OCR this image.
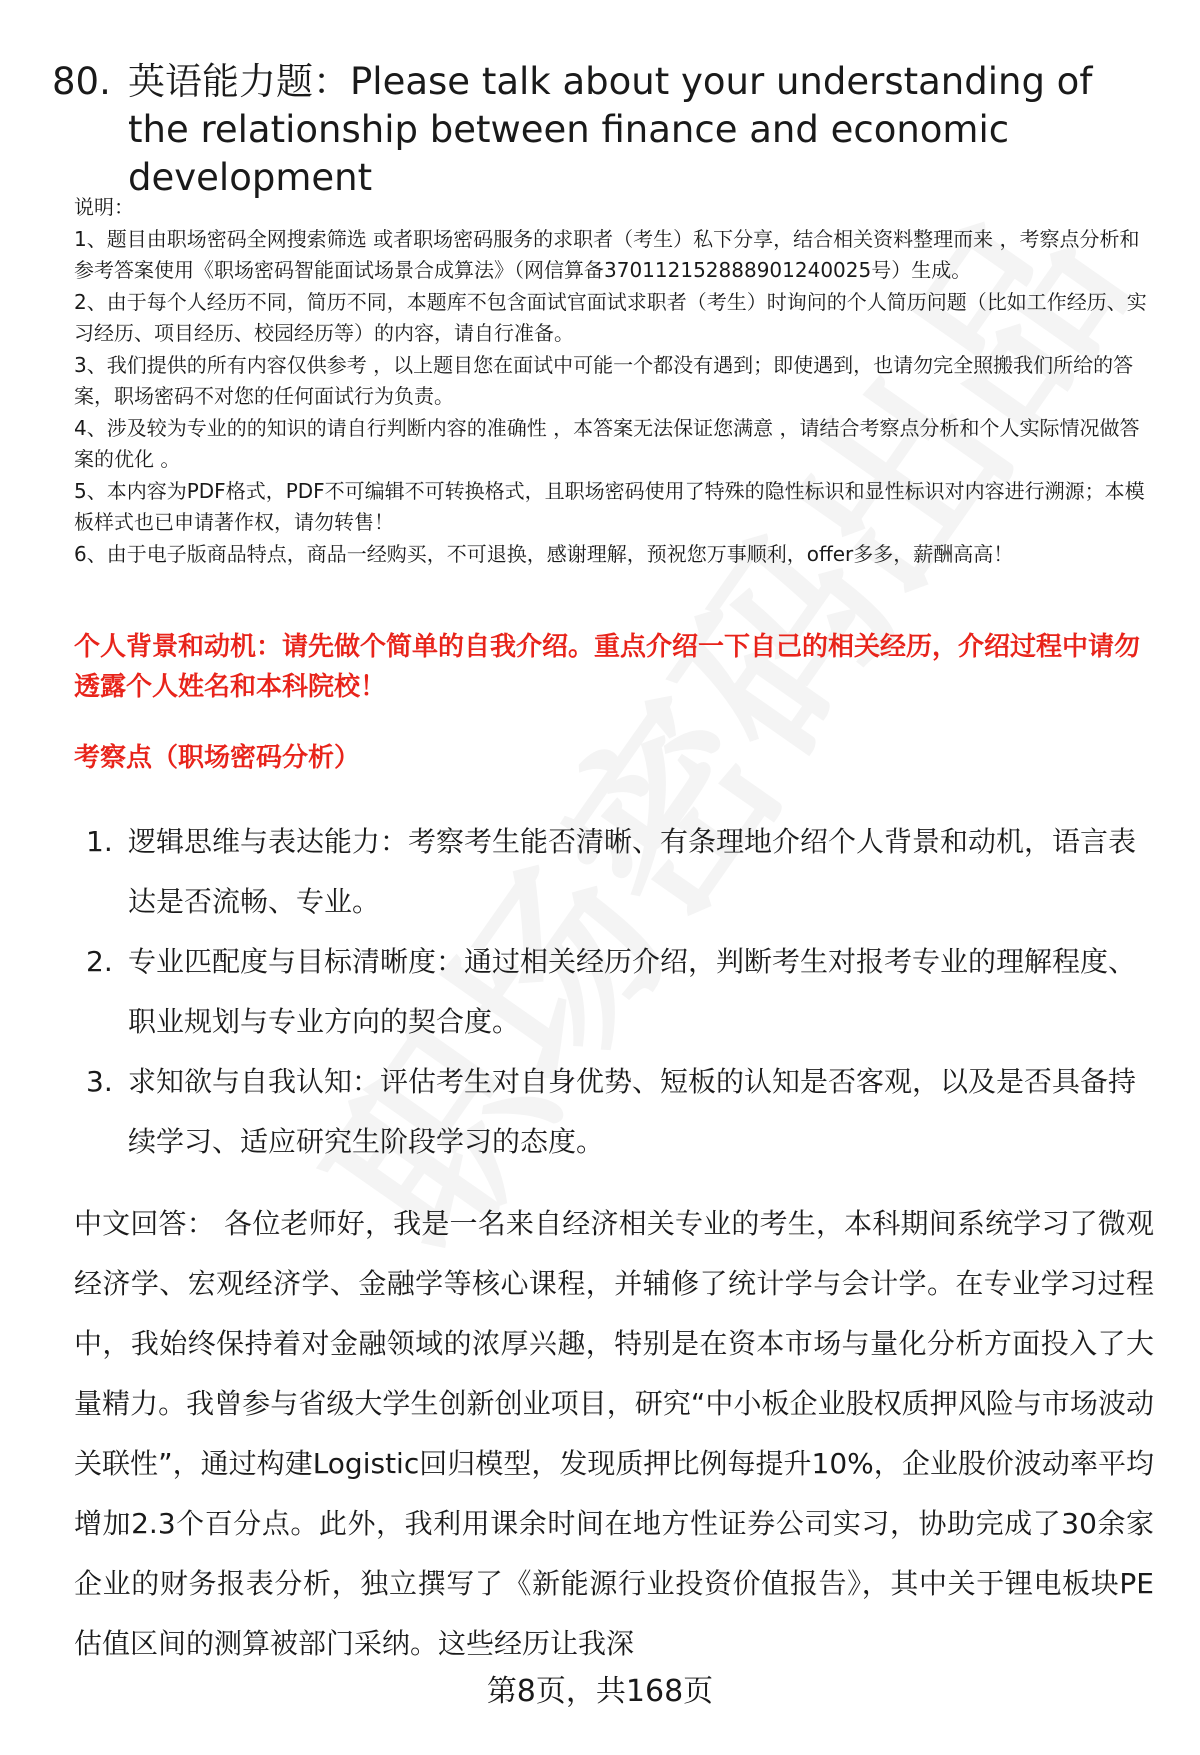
80. 英语能力题：Please talk about your understanding of the relationship between finance and economic development

说明：

1、题目由职场密码全网搜索筛选 或者职场密码服务的求职者（考生）私下分享，结合相关资料整理而来 ，考察点分析和参考答案使用《职场密码智能面试场景合成算法》（网信算备370112152888901240025号）生成。

2、由于每个人经历不同，简历不同，本题库不包含面试官面试求职者（考生）时询问的个人简历问题（比如工作经历、实习经历、项目经历、校园经历等）的内容，请自行准备。

3、我们提供的所有内容仅供参考 ，以上题目您在面试中可能一个都没有遇到；即使遇到，也请勿完全照搬我们所给的答案，职场密码不对您的任何面试行为负责。

4、涉及较为专业的的知识的请自行判断内容的准确性 ，本答案无法保证您满意 ，请结合考察点分析和个人实际情况做答案的优化 。

5、本内容为PDF格式，PDF不可编辑不可转换格式，且职场密码使用了特殊的隐性标识和显性标识对内容进行溯源；本模板样式也已申请著作权，请勿转售！

6、由于电子版商品特点，商品一经购买，不可退换，感谢理解，预祝您万事顺利，offer多多，薪酬高高！

个人背景和动机：请先做个简单的自我介绍。重点介绍一下自己的相关经历，介绍过程中请勿透露个人姓名和本科院校！
考察点（职场密码分析）
1. 逻辑思维与表达能力：考察考生能否清晰、有条理地介绍个人背景和动机，语言表达是否流畅、专业。
2. 专业匹配度与目标清晰度：通过相关经历介绍，判断考生对报考专业的理解程度、职业规划与专业方向的契合度。
3. 求知欲与自我认知：评估考生对自身优势、短板的认知是否客观，以及是否具备持续学习、适应研究生阶段学习的态度。
中文回答： 各位老师好，我是一名来自经济相关专业的考生，本科期间系统学习了微观经济学、宏观经济学、金融学等核心课程，并辅修了统计学与会计学。在专业学习过程中，我始终保持着对金融领域的浓厚兴趣，特别是在资本市场与量化分析方面投入了大量精力。我曾参与省级大学生创新创业项目，研究“中小板企业股权质押风险与市场波动关联性”，通过构建Logistic回归模型，发现质押比例每提升10%，企业股价波动率平均增加2.3个百分点。此外，我利用课余时间在地方性证券公司实习，协助完成了30余家企业的财务报表分析，独立撰写了《新能源行业投资价值报告》，其中关于锂电板块PE估值区间的测算被部门采纳。这些经历让我深
第8页，共168页
